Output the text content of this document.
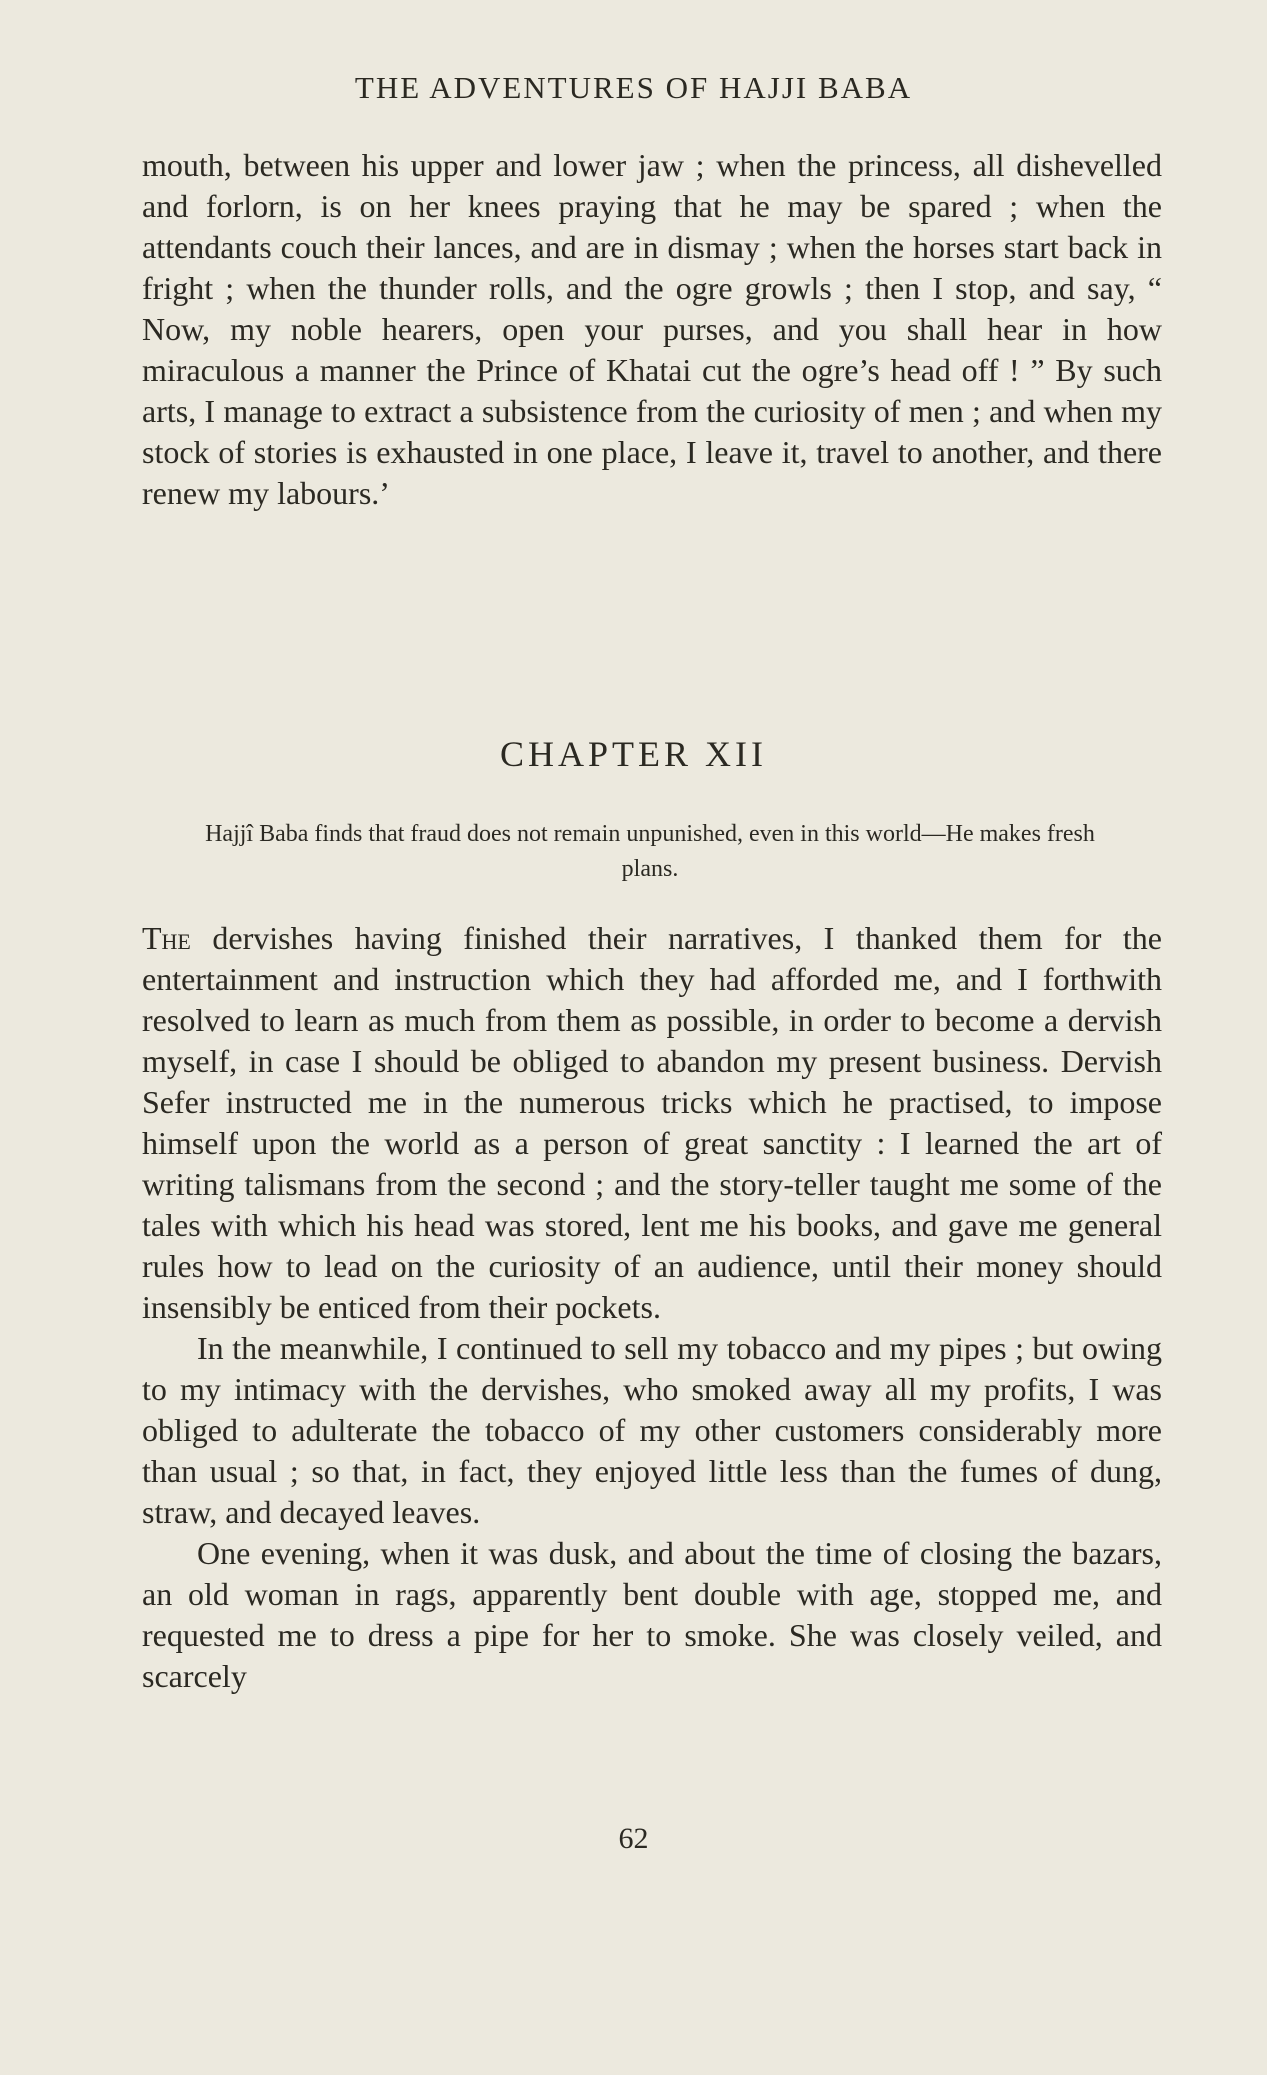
THE ADVENTURES OF HAJJI BABA

mouth, between his upper and lower jaw ; when the princess, all dishevelled and forlorn, is on her knees praying that he may be spared ; when the attendants couch their lances, and are in dismay ; when the horses start back in fright ; when the thunder rolls, and the ogre growls ; then I stop, and say, “ Now, my noble hearers, open your purses, and you shall hear in how miraculous a manner the Prince of Khatai cut the ogre’s head off ! ” By such arts, I manage to extract a subsistence from the curiosity of men ; and when my stock of stories is exhausted in one place, I leave it, travel to another, and there renew my labours.’

CHAPTER XII

Hajjî Baba finds that fraud does not remain unpunished, even in this world—He makes fresh plans.

The dervishes having finished their narratives, I thanked them for the entertainment and instruction which they had afforded me, and I forthwith resolved to learn as much from them as possible, in order to become a dervish myself, in case I should be obliged to abandon my present business. Dervish Sefer instructed me in the numerous tricks which he practised, to impose himself upon the world as a person of great sanctity : I learned the art of writing talismans from the second ; and the story-teller taught me some of the tales with which his head was stored, lent me his books, and gave me general rules how to lead on the curiosity of an audience, until their money should insensibly be enticed from their pockets.

In the meanwhile, I continued to sell my tobacco and my pipes ; but owing to my intimacy with the dervishes, who smoked away all my profits, I was obliged to adulterate the tobacco of my other customers considerably more than usual ; so that, in fact, they enjoyed little less than the fumes of dung, straw, and decayed leaves.

One evening, when it was dusk, and about the time of closing the bazars, an old woman in rags, apparently bent double with age, stopped me, and requested me to dress a pipe for her to smoke. She was closely veiled, and scarcely

62
